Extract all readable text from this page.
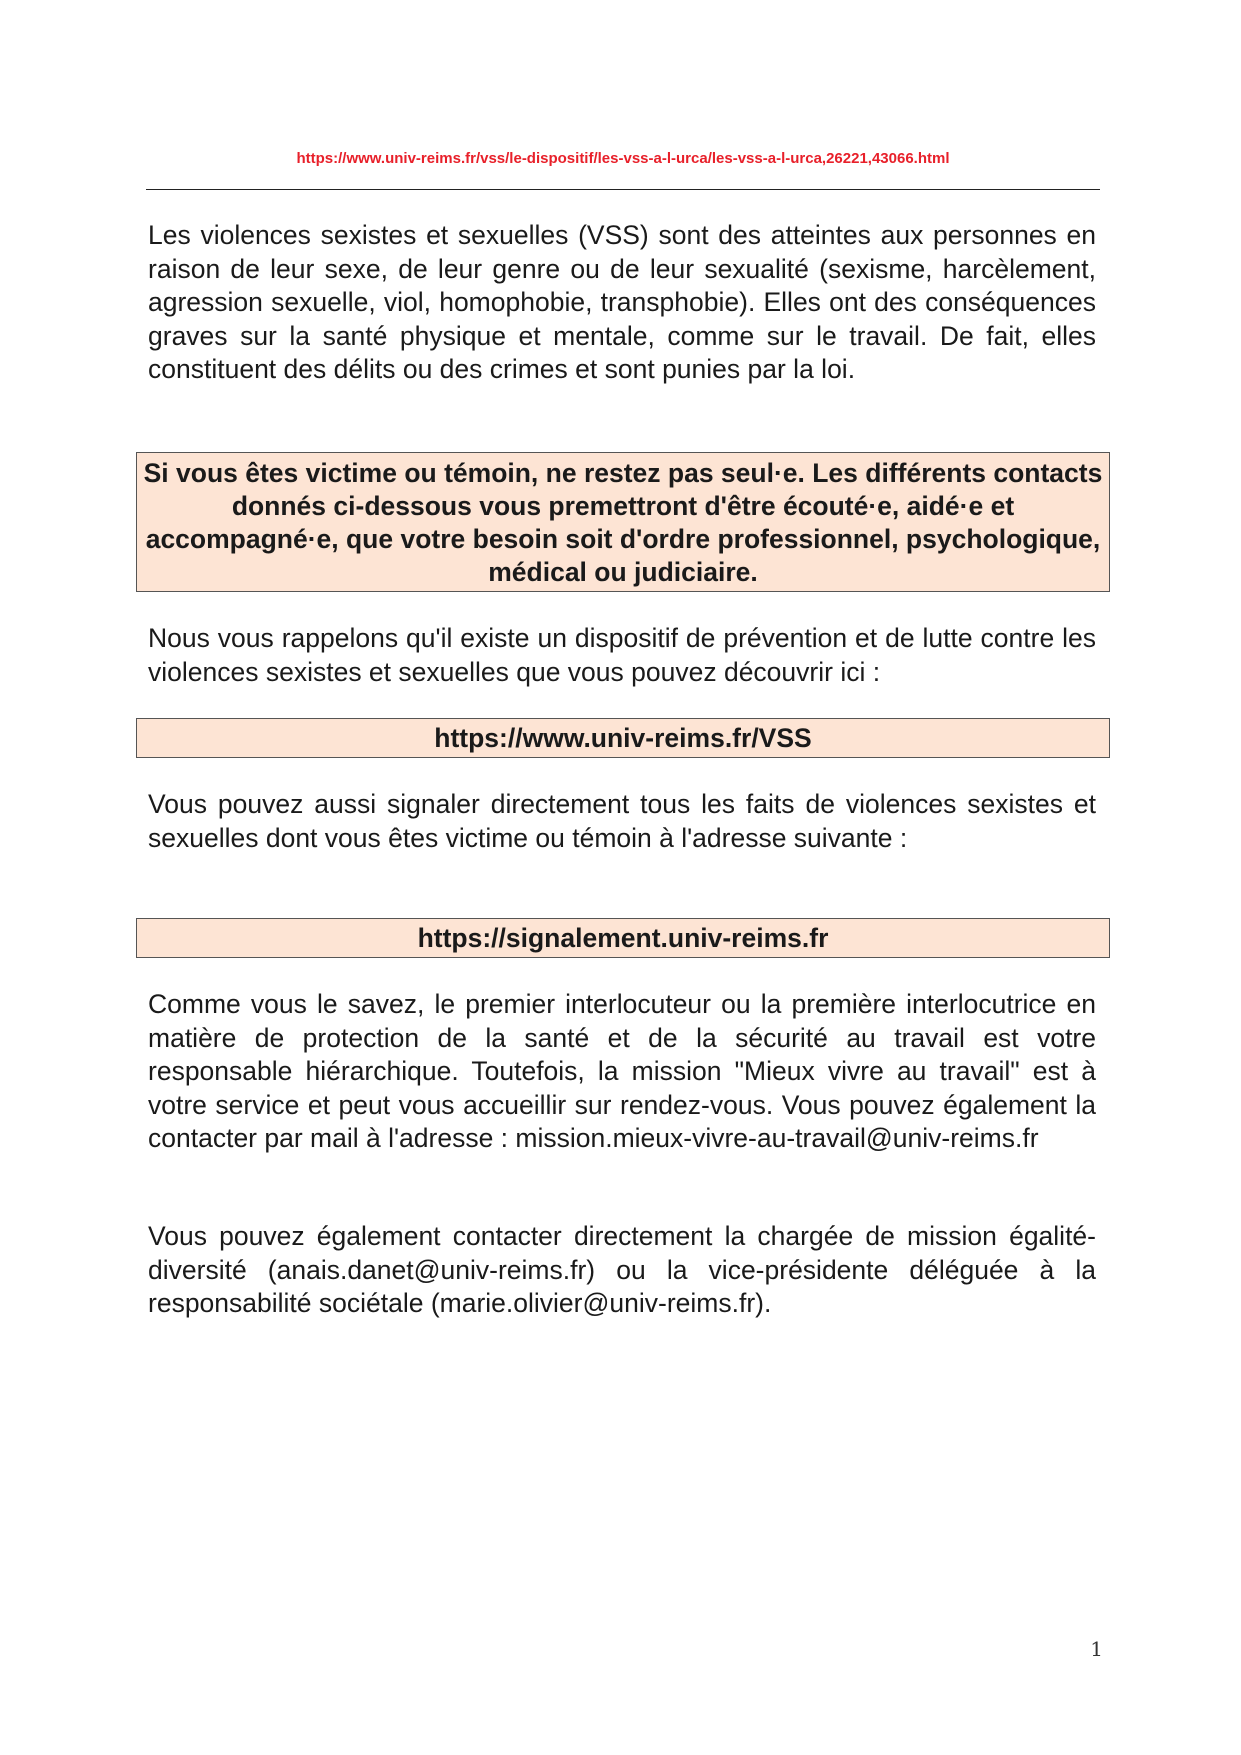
https://www.univ-reims.fr/vss/le-dispositif/les-vss-a-l-urca/les-vss-a-l-urca,26221,43066.html

Les violences sexistes et sexuelles (VSS) sont des atteintes aux personnes en raison de leur sexe, de leur genre ou de leur sexualité (sexisme, harcèlement, agression sexuelle, viol, homophobie, transphobie). Elles ont des conséquences graves sur la santé physique et mentale, comme sur le travail. De fait, elles constituent des délits ou des crimes et sont punies par la loi.

Si vous êtes victime ou témoin, ne restez pas seul·e. Les différents contacts donnés ci-dessous vous premettront d'être écouté·e, aidé·e et accompagné·e, que votre besoin soit d'ordre professionnel, psychologique, médical ou judiciaire.

Nous vous rappelons qu'il existe un dispositif de prévention et de lutte contre les violences sexistes et sexuelles que vous pouvez découvrir ici :

https://www.univ-reims.fr/VSS

Vous pouvez aussi signaler directement tous les faits de violences sexistes et sexuelles dont vous êtes victime ou témoin à l'adresse suivante :

https://signalement.univ-reims.fr

Comme vous le savez, le premier interlocuteur ou la première interlocutrice en matière de protection de la santé et de la sécurité au travail est votre responsable hiérarchique. Toutefois, la mission "Mieux vivre au travail" est à votre service et peut vous accueillir sur rendez-vous. Vous pouvez également la contacter par mail à l'adresse : mission.mieux-vivre-au-travail@univ-reims.fr

Vous pouvez également contacter directement la chargée de mission égalité-diversité (anais.danet@univ-reims.fr) ou la vice-présidente déléguée à la responsabilité sociétale (marie.olivier@univ-reims.fr).

1
